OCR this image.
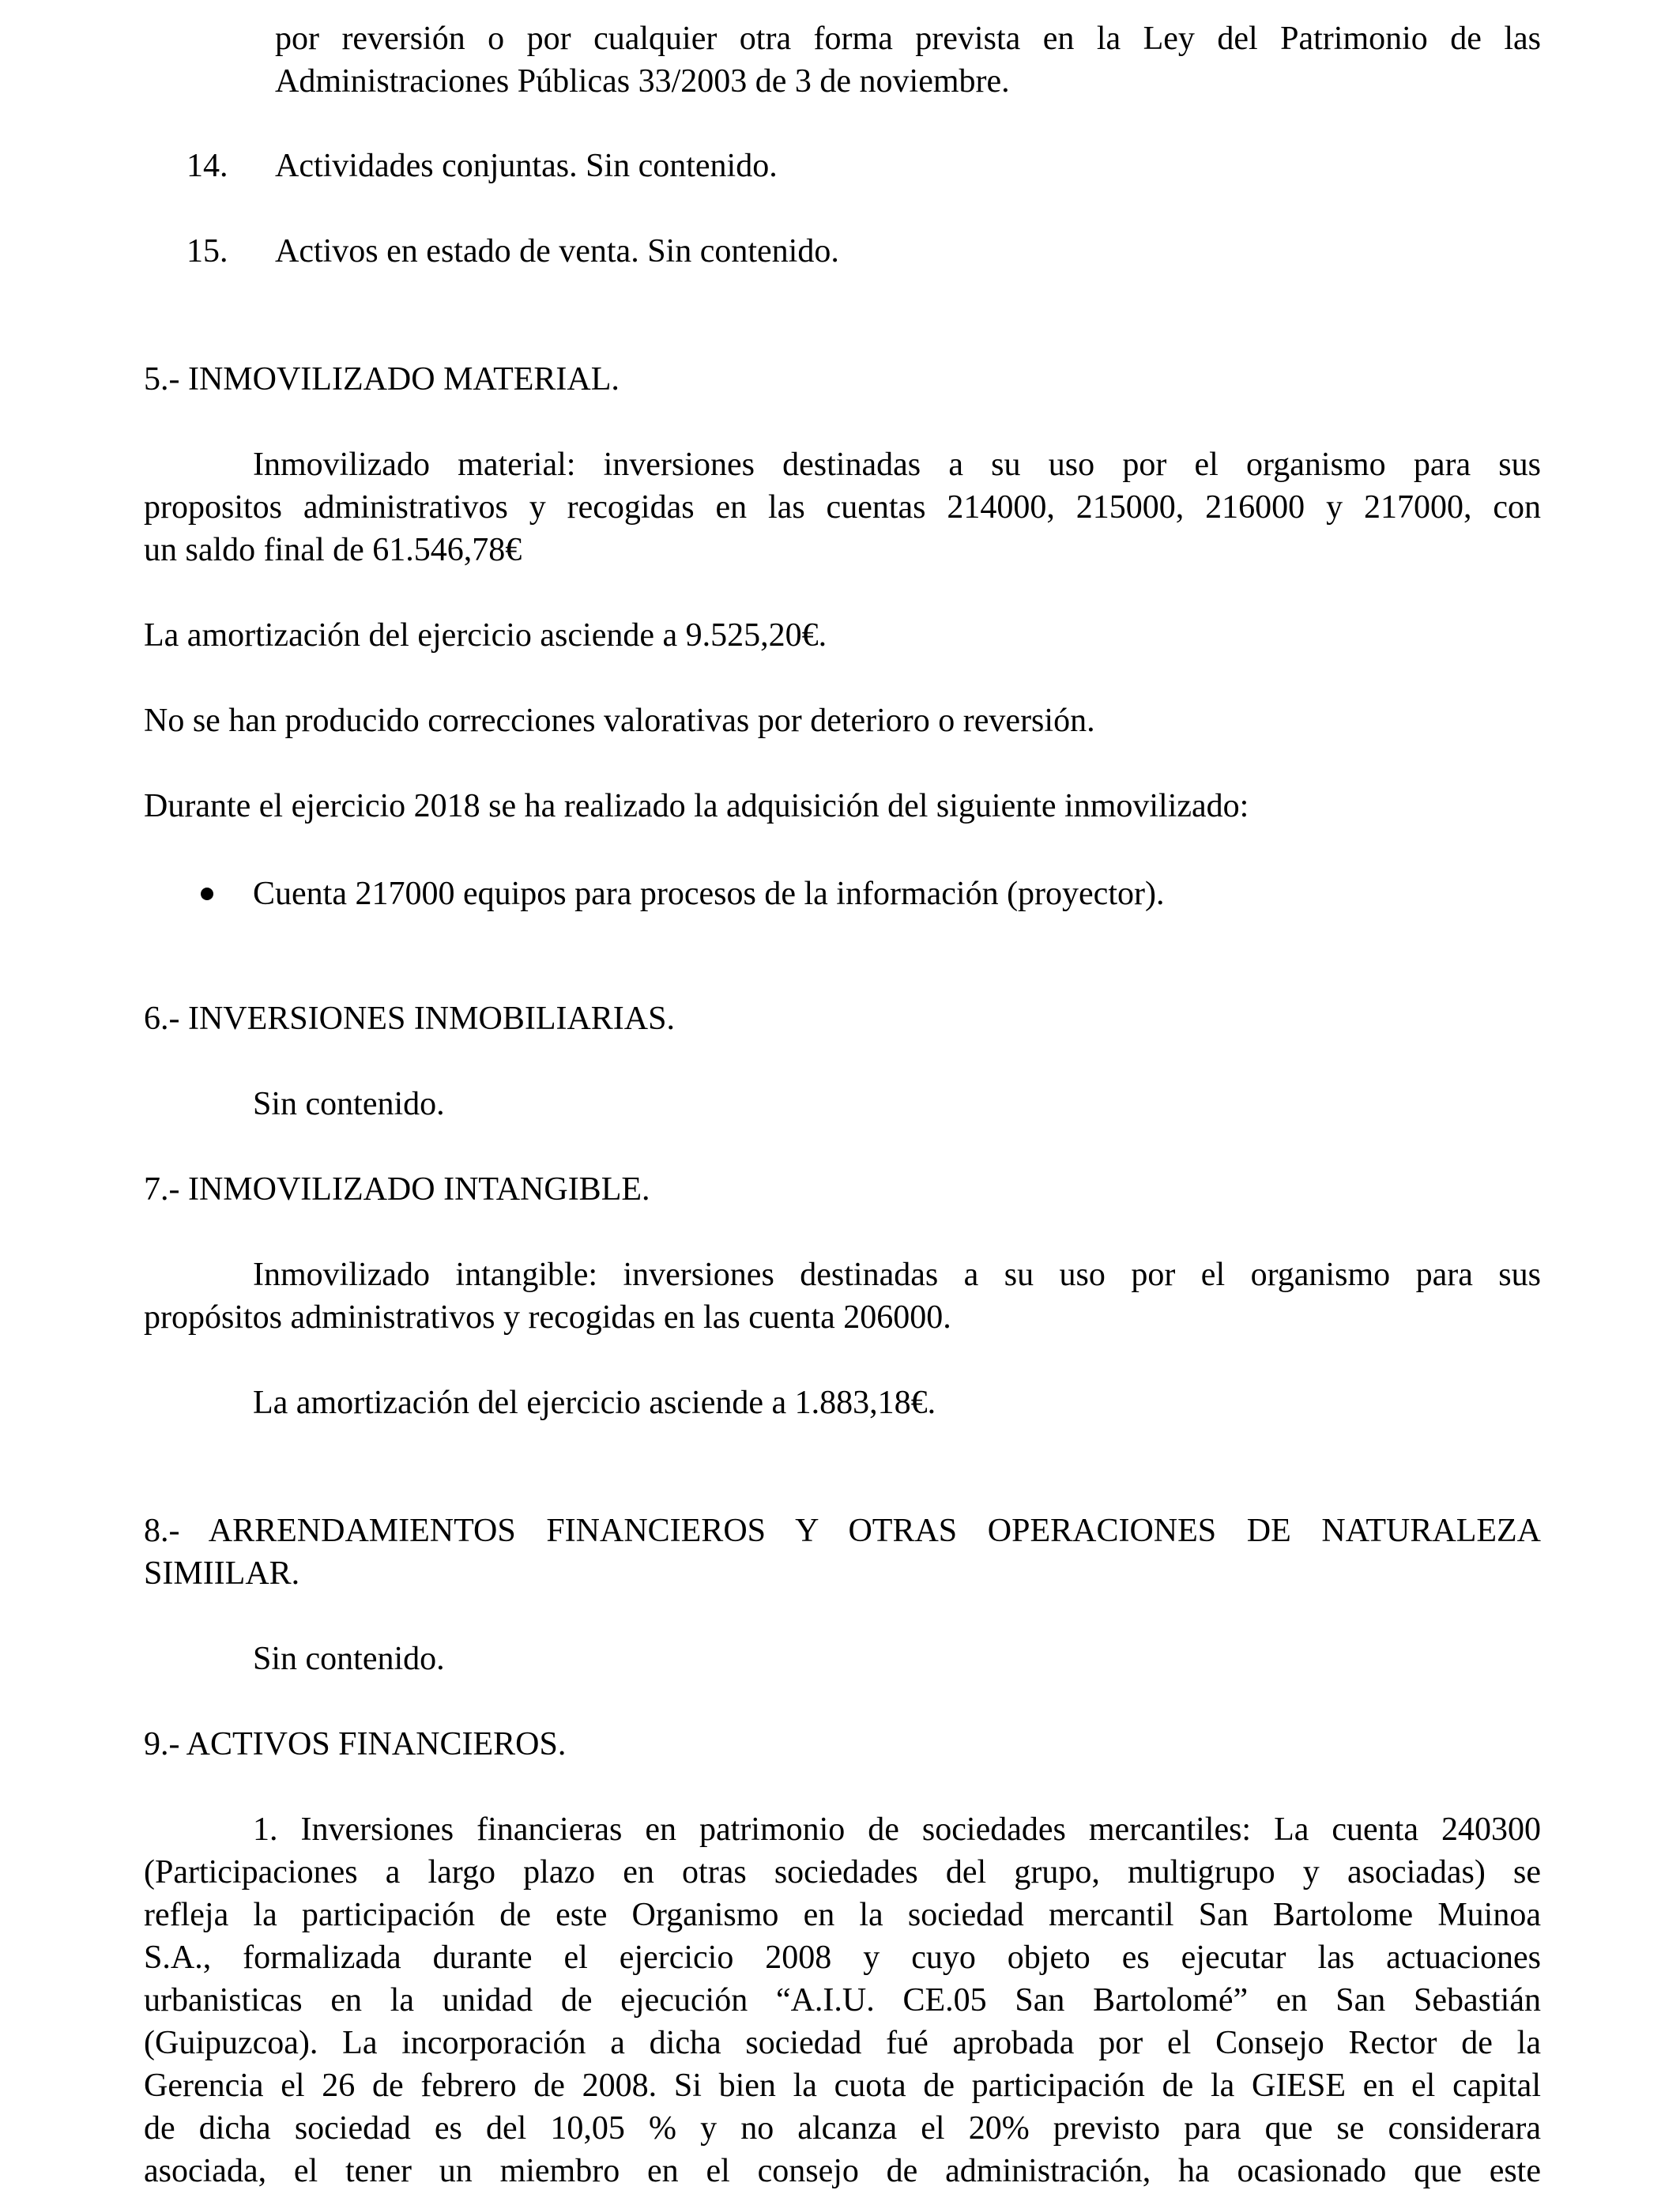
por reversión o por cualquier otra forma prevista en la Ley del Patrimonio de las
Administraciones Públicas 33/2003 de 3 de noviembre.
14. Actividades conjuntas. Sin contenido.
15. Activos en estado de venta. Sin contenido.
5.- INMOVILIZADO MATERIAL.
Inmovilizado material: inversiones destinadas a su uso por el organismo para sus
propositos administrativos y recogidas en las cuentas 214000, 215000, 216000 y 217000, con
un saldo final de 61.546,78€
La amortización del ejercicio asciende a 9.525,20€.
No se han producido correcciones valorativas por deterioro o reversión.
Durante el ejercicio 2018 se ha realizado la adquisición del siguiente inmovilizado:
Cuenta 217000 equipos para procesos de la información (proyector).
6.- INVERSIONES INMOBILIARIAS.
Sin contenido.
7.- INMOVILIZADO INTANGIBLE.
Inmovilizado intangible: inversiones destinadas a su uso por el organismo para sus
propósitos administrativos y recogidas en las cuenta 206000.
La amortización del ejercicio asciende a 1.883,18€.
8.- ARRENDAMIENTOS FINANCIEROS Y OTRAS OPERACIONES DE NATURALEZA
SIMIILAR.
Sin contenido.
9.- ACTIVOS FINANCIEROS.
1. Inversiones financieras en patrimonio de sociedades mercantiles: La cuenta 240300
(Participaciones a largo plazo en otras sociedades del grupo, multigrupo y asociadas) se
refleja la participación de este Organismo en la sociedad mercantil San Bartolome Muinoa
S.A., formalizada durante el ejercicio 2008 y cuyo objeto es ejecutar las actuaciones
urbanisticas en la unidad de ejecución “A.I.U. CE.05 San Bartolomé” en San Sebastián
(Guipuzcoa). La incorporación a dicha sociedad fué aprobada por el Consejo Rector de la
Gerencia el 26 de febrero de 2008. Si bien la cuota de participación de la GIESE en el capital
de dicha sociedad es del 10,05 % y no alcanza el 20% previsto para que se considerara
asociada, el tener un miembro en el consejo de administración, ha ocasionado que este
